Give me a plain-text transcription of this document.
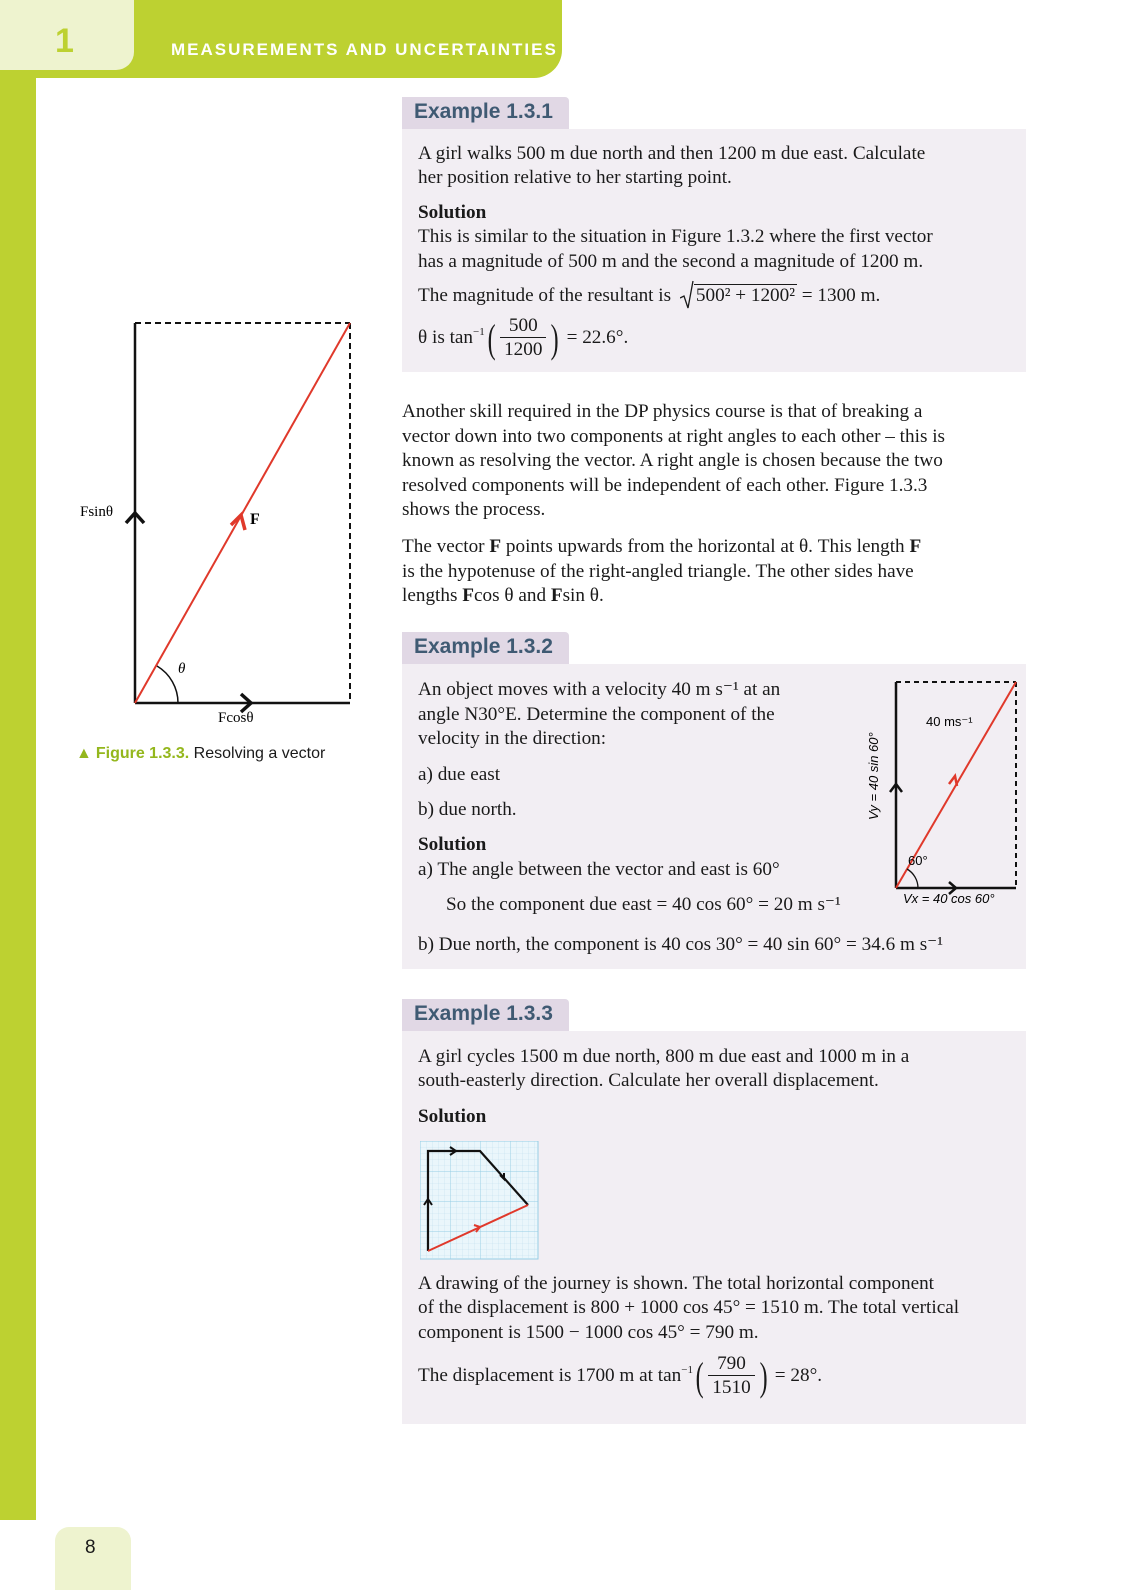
1	MEASUREMENTS AND UNCERTAINTIES
8
Fsinθ	F
θ
Fcosθ
▲ Figure 1.3.3. Resolving a vector
Example 1.3.1
A girl walks 500 m due north and then 1200 m due east. Calculate
her position relative to her starting point.
Solution
This is similar to the situation in Figure 1.3.2 where the first vector
has a magnitude of 500 m and the second a magnitude of 1200 m.
The magnitude of the resultant is 500² + 1200² = 1300 m.
θ is $\tan^{-1}( \frac{500}{1200}$ ) = 22.6°.
Another skill required in the DP physics course is that of breaking a
vector down into two components at right angles to each other – this is
known as resolving the vector. A right angle is chosen because the two
resolved components will be independent of each other. Figure 1.3.3
shows the process.
The vector F points upwards from the horizontal at θ. This length F
is the hypotenuse of the right-angled triangle. The other sides have
lengths Fcos θ and Fsin θ.
Example 1.3.2
An object moves with a velocity 40 m s⁻¹ at an
angle N30°E. Determine the component of the
velocity in the direction:
a) due east
b) due north.
Solution
a) The angle between the vector and east is 60°
So the component due east = 40 cos 60° = 20 m s⁻¹
b) Due north, the component is 40 cos 30° = 40 sin 60° = 34.6 m s⁻¹
40 ms⁻¹
60°
Vy = 40 sin 60°
Vx = 40 cos 60°
Example 1.3.3
A girl cycles 1500 m due north, 800 m due east and 1000 m in a
south-easterly direction. Calculate her overall displacement.
Solution
A drawing of the journey is shown. The total horizontal component
of the displacement is 800 + 1000 cos 45° = 1510 m. The total vertical
component is 1500 − 1000 cos 45° = 790 m.
The displacement is 1700 m at $\tan^{-1}( \frac{790}{1510}$ ) = 28°.
